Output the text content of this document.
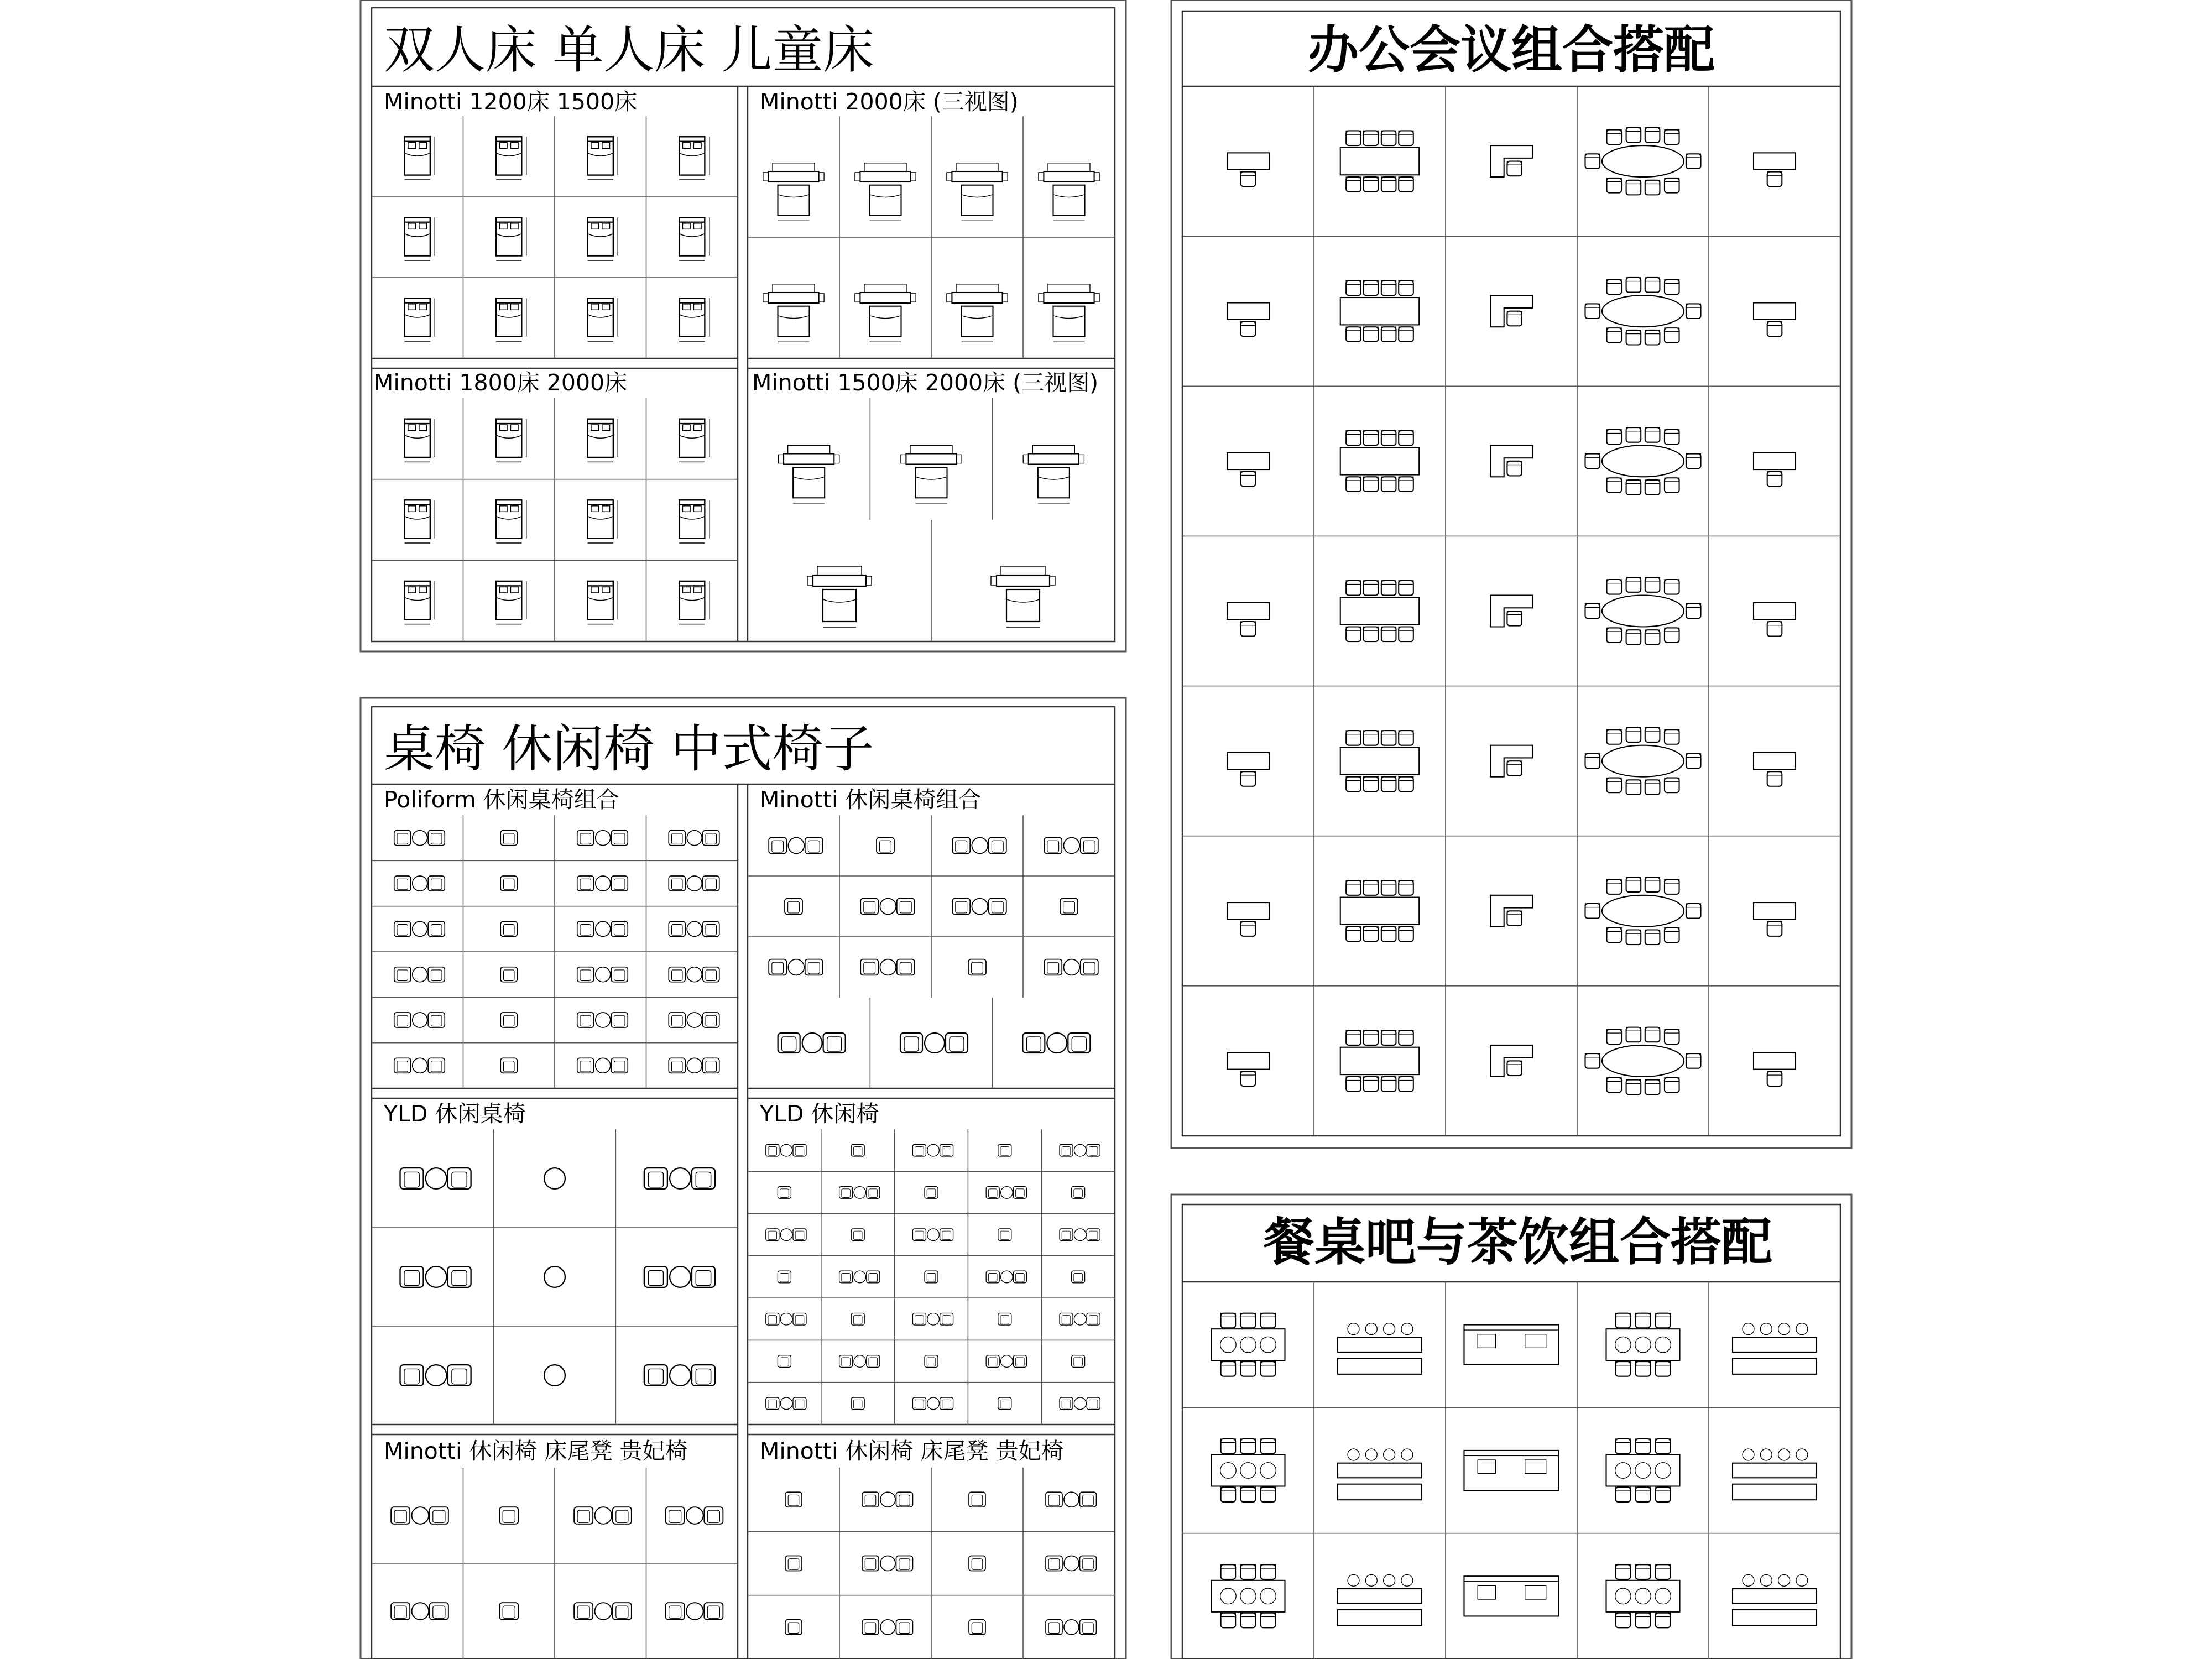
双人床 单人床 儿童床
Minotti 1200床 1500床	Minotti 2000床 (三视图)
Minotti 1800床 2000床	Minotti 1500床 2000床 (三视图)
桌椅 休闲椅 中式椅子
Poliform 休闲桌椅组合	Minotti 休闲桌椅组合
YLD 休闲桌椅	YLD 休闲椅
Minotti 休闲椅 床尾凳 贵妃椅	Minotti 休闲椅 床尾凳 贵妃椅
办公会议组合搭配
餐桌吧与茶饮组合搭配
